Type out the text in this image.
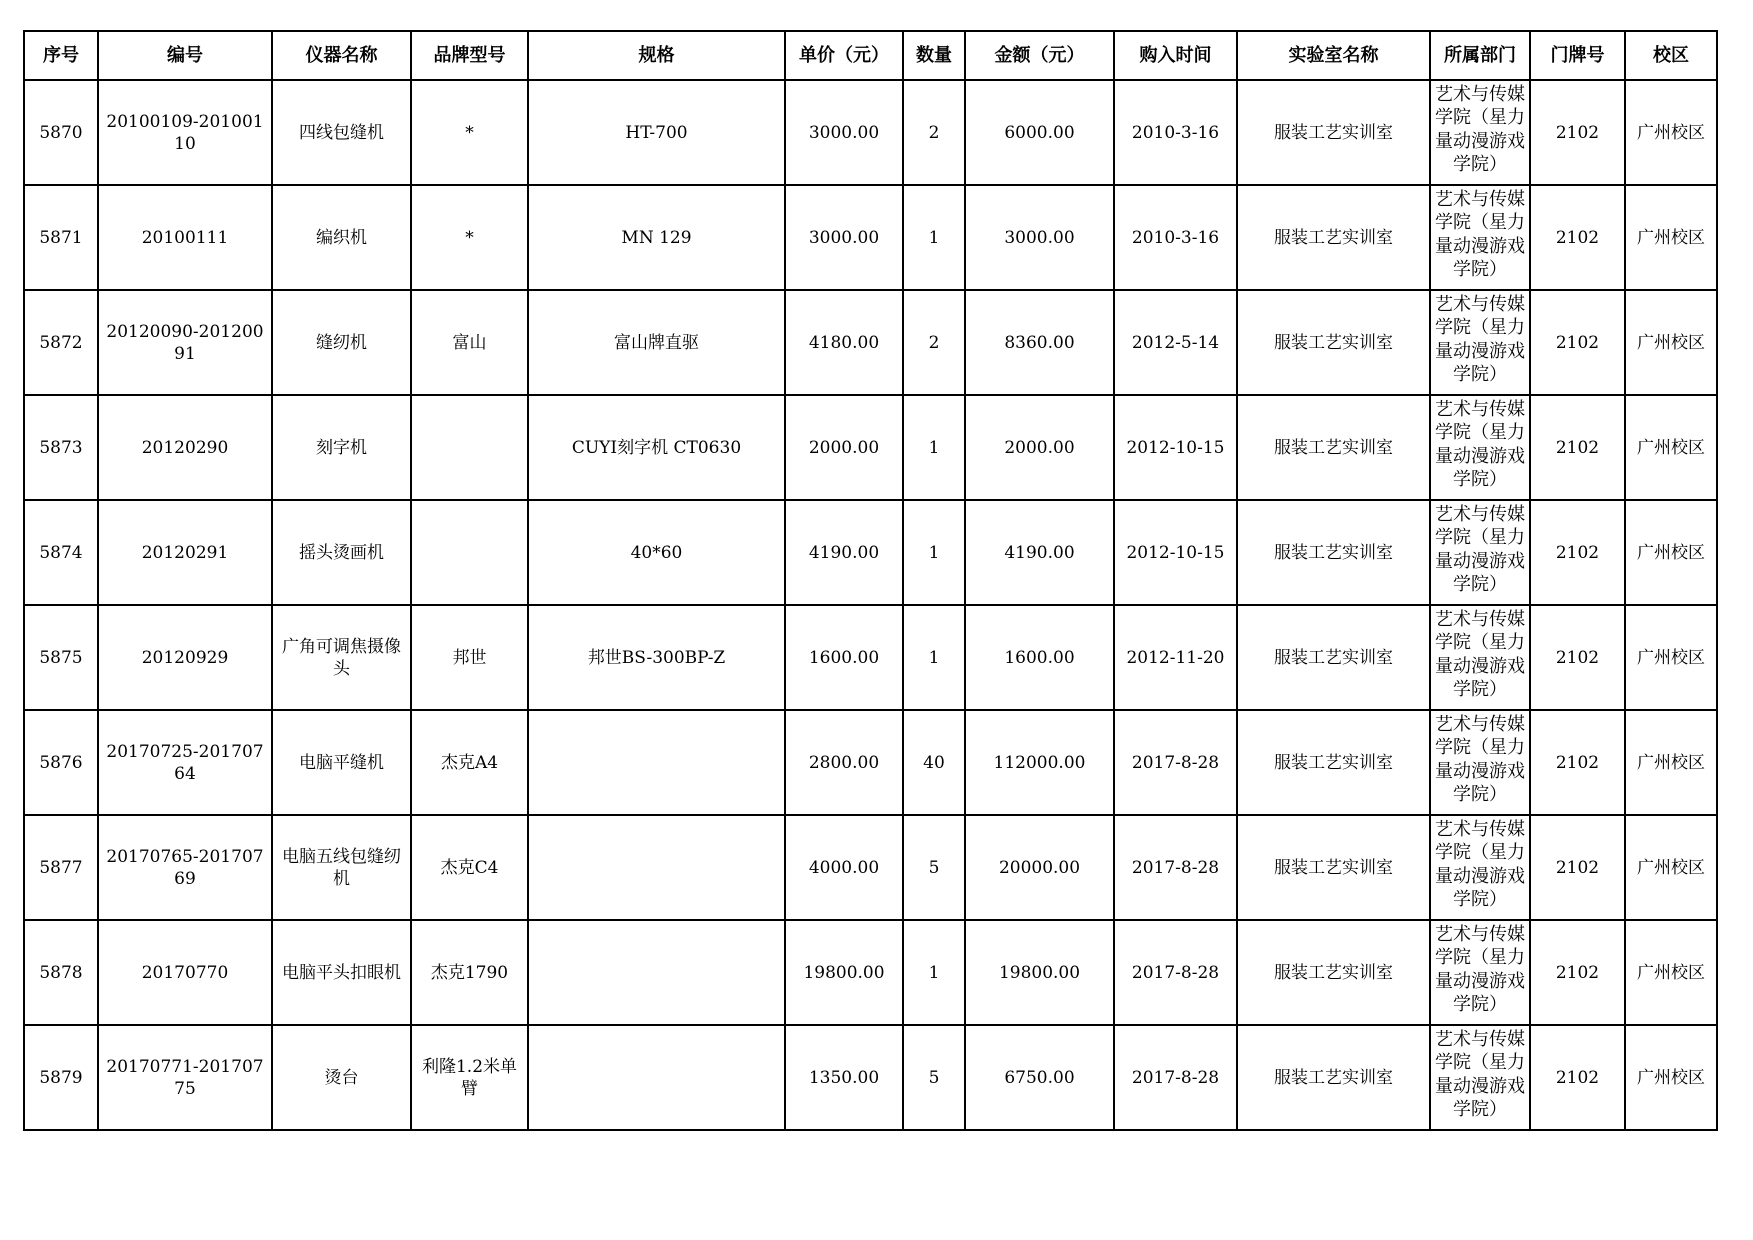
序号	编号	仪器名称	品牌型号	规格	单价（元）	数量	金额（元）	购入时间	实验室名称	所属部门	门牌号	校区

5870	20100109-20100110	四线包缝机	*	HT-700	3000.00	2	6000.00	2010-3-16	服装工艺实训室	艺术与传媒学院（星力量动漫游戏学院）	2102	广州校区

5871	20100111	编织机	*	MN 129	3000.00	1	3000.00	2010-3-16	服装工艺实训室	艺术与传媒学院（星力量动漫游戏学院）	2102	广州校区

5872	20120090-20120091	缝纫机	富山	富山牌直驱	4180.00	2	8360.00	2012-5-14	服装工艺实训室	艺术与传媒学院（星力量动漫游戏学院）	2102	广州校区

5873	20120290	刻字机		CUYI刻字机 CT0630	2000.00	1	2000.00	2012-10-15	服装工艺实训室	艺术与传媒学院（星力量动漫游戏学院）	2102	广州校区

5874	20120291	摇头烫画机		40*60	4190.00	1	4190.00	2012-10-15	服装工艺实训室	艺术与传媒学院（星力量动漫游戏学院）	2102	广州校区

5875	20120929	广角可调焦摄像头	邦世	邦世BS-300BP-Z	1600.00	1	1600.00	2012-11-20	服装工艺实训室	艺术与传媒学院（星力量动漫游戏学院）	2102	广州校区

5876	20170725-20170764	电脑平缝机	杰克A4		2800.00	40	112000.00	2017-8-28	服装工艺实训室	艺术与传媒学院（星力量动漫游戏学院）	2102	广州校区

5877	20170765-20170769	电脑五线包缝纫机	杰克C4		4000.00	5	20000.00	2017-8-28	服装工艺实训室	艺术与传媒学院（星力量动漫游戏学院）	2102	广州校区

5878	20170770	电脑平头扣眼机	杰克1790		19800.00	1	19800.00	2017-8-28	服装工艺实训室	艺术与传媒学院（星力量动漫游戏学院）	2102	广州校区

5879	20170771-20170775	烫台	利隆1.2米单臂		1350.00	5	6750.00	2017-8-28	服装工艺实训室	艺术与传媒学院（星力量动漫游戏学院）	2102	广州校区
